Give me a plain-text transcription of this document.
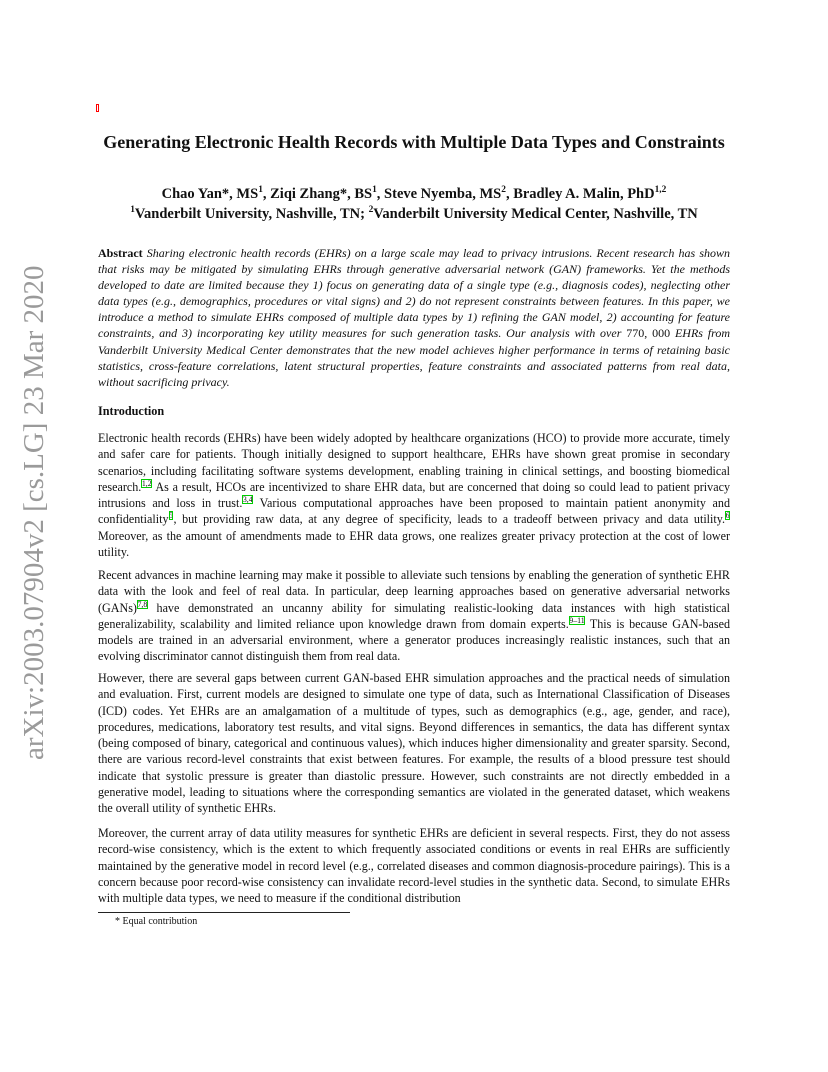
arXiv:2003.07904v2 [cs.LG] 23 Mar 2020
Generating Electronic Health Records with Multiple Data Types and Constraints
Chao Yan*, $MS^1$, Ziqi Zhang*, $BS^1$, Steve Nyemba, $MS^2$, Bradley A. Malin, PhD$^{1,2}$
$^1$Vanderbilt University, Nashville, TN; $^2$Vanderbilt University Medical Center, Nashville, TN
Abstract Sharing electronic health records (EHRs) on a large scale may lead to privacy intrusions. Recent research has shown that risks may be mitigated by simulating EHRs through generative adversarial network (GAN) frameworks. Yet the methods developed to date are limited because they 1) focus on generating data of a single type (e.g., diagnosis codes), neglecting other data types (e.g., demographics, procedures or vital signs) and 2) do not represent constraints between features. In this paper, we introduce a method to simulate EHRs composed of multiple data types by 1) refining the GAN model, 2) accounting for feature constraints, and 3) incorporating key utility measures for such generation tasks. Our analysis with over 770, 000 EHRs from Vanderbilt University Medical Center demonstrates that the new model achieves higher performance in terms of retaining basic statistics, cross-feature correlations, latent structural properties, feature constraints and associated patterns from real data, without sacrificing privacy.
Introduction

Electronic health records (EHRs) have been widely adopted by healthcare organizations (HCO) to provide more accurate, timely and safer care for patients. Though initially designed to support healthcare, EHRs have shown great promise in secondary scenarios, including facilitating software systems development, enabling training in clinical settings, and boosting biomedical research.$^{1,2}$ As a result, HCOs are incentivized to share EHR data, but are concerned that doing so could lead to patient privacy intrusions and loss in trust.$^{3,4}$ Various computational approaches have been proposed to maintain patient anonymity and confidentiality$^5$, but providing raw data, at any degree of specificity, leads to a tradeoff between privacy and data utility.$^6$ Moreover, as the amount of amendments made to EHR data grows, one realizes greater privacy protection at the cost of lower utility.

Recent advances in machine learning may make it possible to alleviate such tensions by enabling the generation of synthetic EHR data with the look and feel of real data. In particular, deep learning approaches based on generative adversarial networks (GANs)$^{7,8}$ have demonstrated an uncanny ability for simulating realistic-looking data instances with high statistical generalizability, scalability and limited reliance upon knowledge drawn from domain experts.$^{9-11}$ This is because GAN-based models are trained in an adversarial environment, where a generator produces increasingly realistic instances, such that an evolving discriminator cannot distinguish them from real data.

However, there are several gaps between current GAN-based EHR simulation approaches and the practical needs of simulation and evaluation. First, current models are designed to simulate one type of data, such as International Classification of Diseases (ICD) codes. Yet EHRs are an amalgamation of a multitude of types, such as demographics (e.g., age, gender, and race), procedures, medications, laboratory test results, and vital signs. Beyond differences in semantics, the data has different syntax (being composed of binary, categorical and continuous values), which induces higher dimensionality and greater sparsity. Second, there are various record-level constraints that exist between features. For example, the results of a blood pressure test should indicate that systolic pressure is greater than diastolic pressure. However, such constraints are not directly embedded in a generative model, leading to situations where the corresponding semantics are violated in the generated dataset, which weakens the overall utility of synthetic EHRs.

Moreover, the current array of data utility measures for synthetic EHRs are deficient in several respects. First, they do not assess record-wise consistency, which is the extent to which frequently associated conditions or events in real EHRs are sufficiently maintained by the generative model in record level (e.g., correlated diseases and common diagnosis-procedure pairings). This is a concern because poor record-wise consistency can invalidate record-level studies in the synthetic data. Second, to simulate EHRs with multiple data types, we need to measure if the conditional distribution

* Equal contribution
